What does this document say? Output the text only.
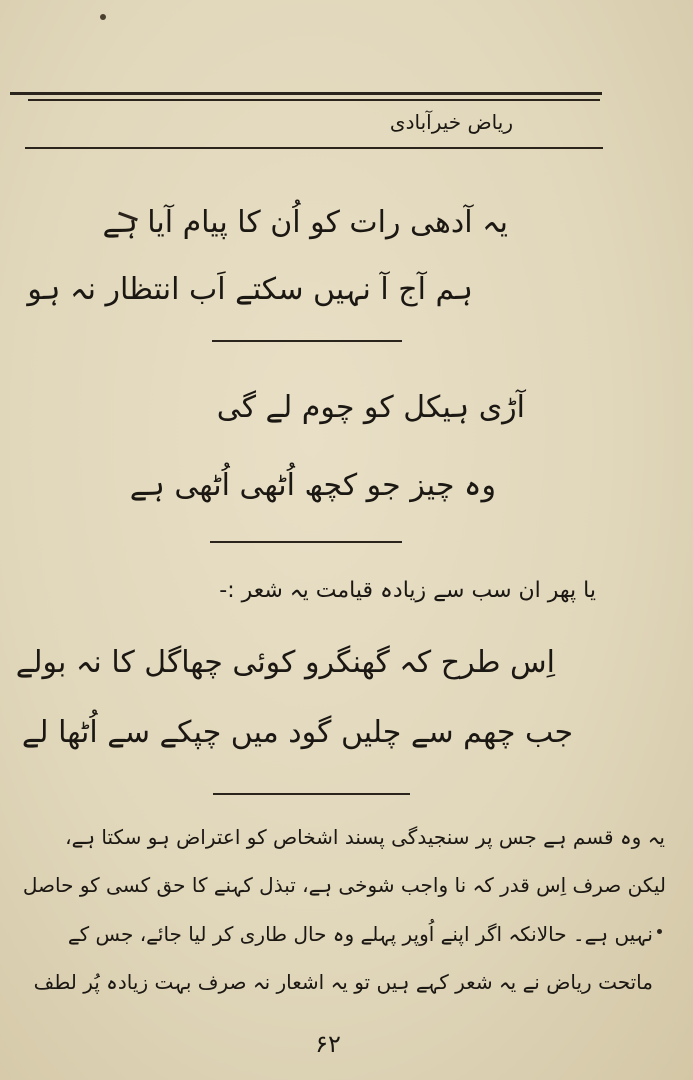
ریاض خیرآبادی
یہ آدھی رات کو اُن کا پیام آیا ہے
ہم آج آ نہیں سکتے اَب انتظار نہ ہو
آڑی ہیکل کو چوم لے گی
وہ چیز جو کچھ اُٹھی اُٹھی ہے
یا پھر ان سب سے زیادہ قیامت یہ شعر :-
اِس طرح کہ گھنگرو کوئی چھاگل کا نہ بولے
جب چھم سے چلیں گود میں چپکے سے اُٹھا لے
یہ وہ قسم ہے جس پر سنجیدگی پسند اشخاص کو اعتراض ہو سکتا ہے،
لیکن صرف اِس قدر کہ نا واجب شوخی ہے، تبذل کہنے کا حق کسی کو حاصل
نہیں ہے۔ حالانکہ اگر اپنے اُوپر پہلے وہ حال طاری کر لیا جائے، جس کے
ماتحت ریاض نے یہ شعر کہے ہیں تو یہ اشعار نہ صرف بہت زیادہ پُر لطف
۶۲
